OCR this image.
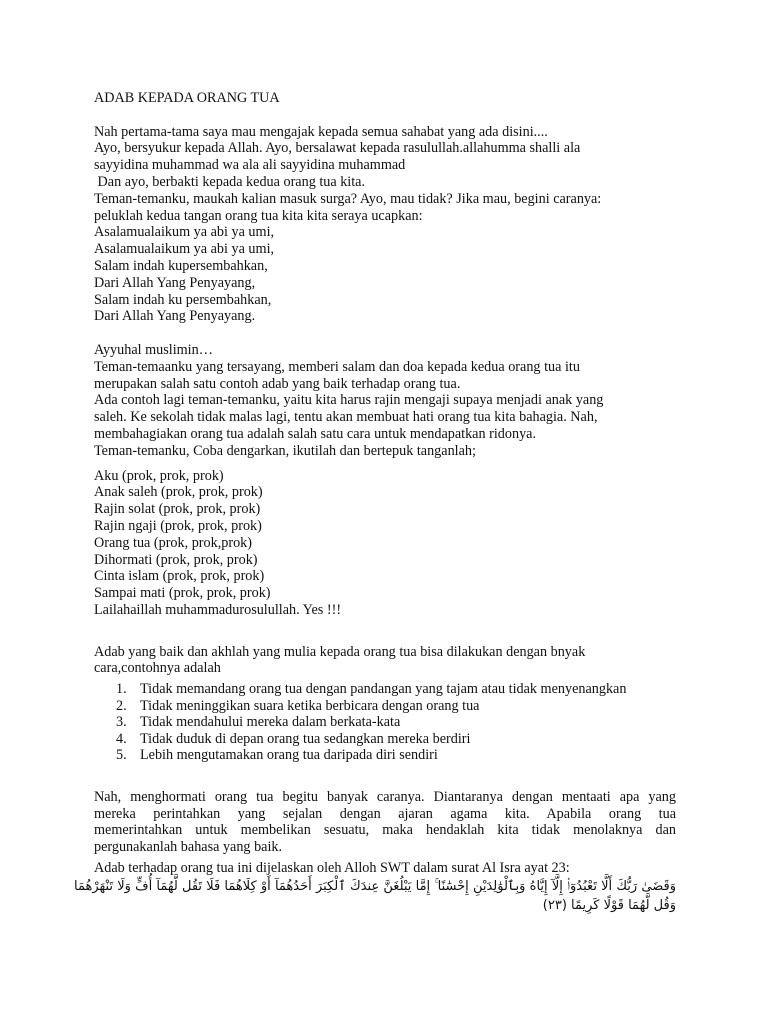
ADAB KEPADA ORANG TUA
Nah pertama-tama saya mau mengajak kepada semua sahabat yang ada disini....
Ayo, bersyukur kepada Allah. Ayo, bersalawat kepada rasulullah.allahumma shalli ala
sayyidina muhammad wa ala ali sayyidina muhammad
Dan ayo, berbakti kepada kedua orang tua kita.
Teman-temanku, maukah kalian masuk surga? Ayo, mau tidak? Jika mau, begini caranya:
peluklah kedua tangan orang tua kita kita seraya ucapkan:
Asalamualaikum ya abi ya umi,
Asalamualaikum ya abi ya umi,
Salam indah kupersembahkan,
Dari Allah Yang Penyayang,
Salam indah ku persembahkan,
Dari Allah Yang Penyayang.
Ayyuhal muslimin…
Teman-temaanku yang tersayang, memberi salam dan doa kepada kedua orang tua itu
merupakan salah satu contoh adab yang baik terhadap orang tua.
Ada contoh lagi teman-temanku, yaitu kita harus rajin mengaji supaya menjadi anak yang
saleh. Ke sekolah tidak malas lagi, tentu akan membuat hati orang tua kita bahagia. Nah,
membahagiakan orang tua adalah salah satu cara untuk mendapatkan ridonya.
Teman-temanku, Coba dengarkan, ikutilah dan bertepuk tanganlah;
Aku (prok, prok, prok)
Anak saleh (prok, prok, prok)
Rajin solat (prok, prok, prok)
Rajin ngaji (prok, prok, prok)
Orang tua (prok, prok,prok)
Dihormati (prok, prok, prok)
Cinta islam (prok, prok, prok)
Sampai mati (prok, prok, prok)
Lailahaillah muhammadurosulullah. Yes !!!
Adab yang baik dan akhlah yang mulia kepada orang tua bisa dilakukan dengan bnyak
cara,contohnya adalah
1. Tidak memandang orang tua dengan pandangan yang tajam atau tidak menyenangkan
2. Tidak meninggikan suara ketika berbicara dengan orang tua
3. Tidak mendahului mereka dalam berkata-kata
4. Tidak duduk di depan orang tua sedangkan mereka berdiri
5. Lebih mengutamakan orang tua daripada diri sendiri
Nah, menghormati orang tua begitu banyak caranya. Diantaranya dengan mentaati apa yang
mereka perintahkan yang sejalan dengan ajaran agama kita. Apabila orang tua
memerintahkan untuk membelikan sesuatu, maka hendaklah kita tidak menolaknya dan
pergunakanlah bahasa yang baik.
Adab terhadap orang tua ini dijelaskan oleh Alloh SWT dalam surat Al Isra ayat 23:
وَقَضَىٰ رَبُّكَ أَلَّا تَعْبُدُوٓا۟ إِلَّآ إِيَّاهُ وَبِٱلْوَٰلِدَيْنِ إِحْسَٰنًا ۚ إِمَّا يَبْلُغَنَّ عِندَكَ ٱلْكِبَرَ أَحَدُهُمَآ أَوْ كِلَاهُمَا فَلَا تَقُل لَّهُمَآ أُفٍّ وَلَا تَنْهَرْهُمَا وَقُل لَّهُمَا قَوْلًا كَرِيمًا (٢٣)
